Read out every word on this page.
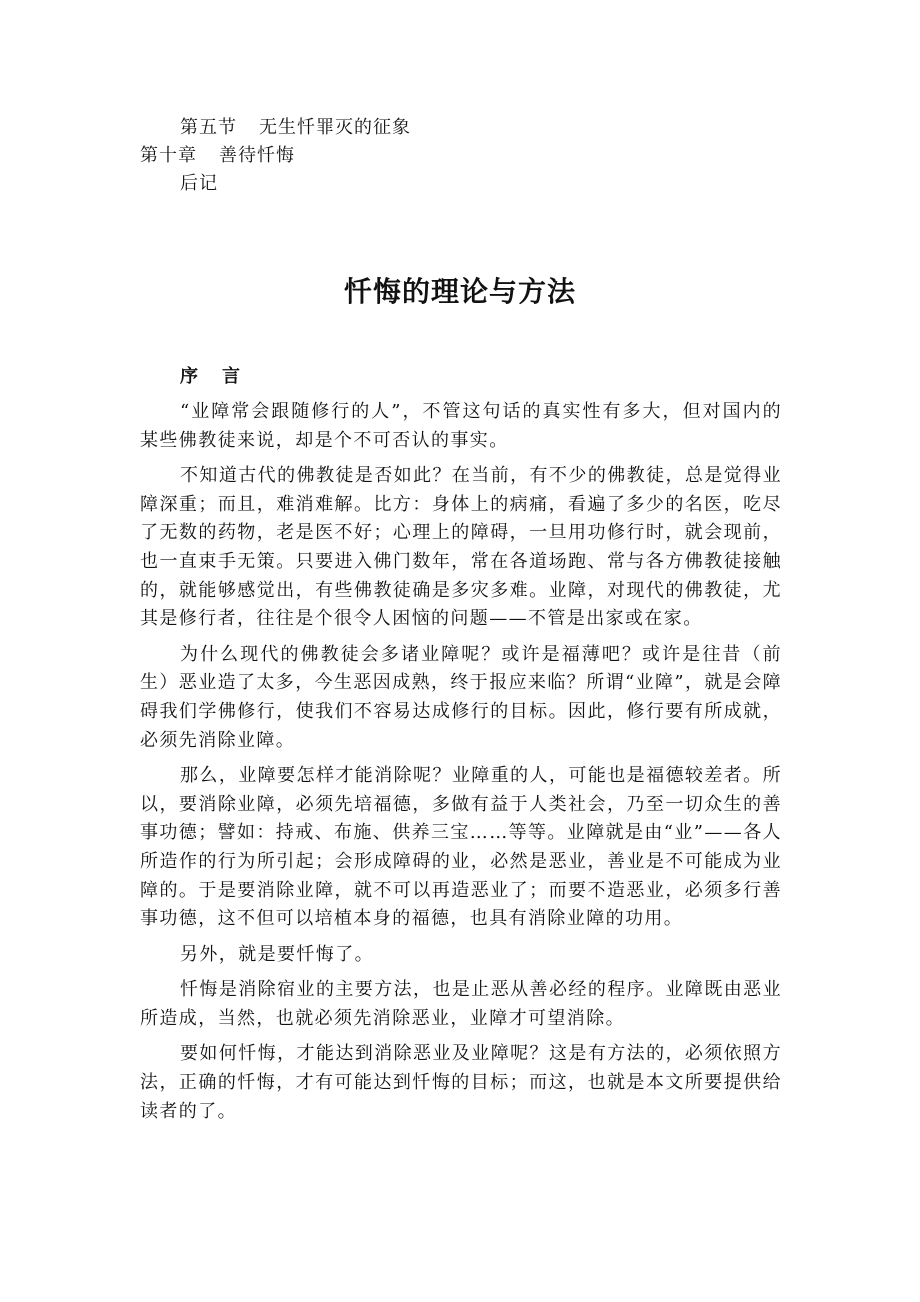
第五节 无生忏罪灭的征象
第十章 善待忏悔
后记
忏悔的理论与方法
序 言

“业障常会跟随修行的人”，不管这句话的真实性有多大，但对国内的某些佛教徒来说，却是个不可否认的事实。

不知道古代的佛教徒是否如此？在当前，有不少的佛教徒，总是觉得业障深重；而且，难消难解。比方：身体上的病痛，看遍了多少的名医，吃尽了无数的药物，老是医不好；心理上的障碍，一旦用功修行时，就会现前，也一直束手无策。只要进入佛门数年，常在各道场跑、常与各方佛教徒接触的，就能够感觉出，有些佛教徒确是多灾多难。业障，对现代的佛教徒，尤其是修行者，往往是个很令人困恼的问题——不管是出家或在家。

为什么现代的佛教徒会多诸业障呢？或许是福薄吧？或许是往昔（前生）恶业造了太多，今生恶因成熟，终于报应来临？所谓“业障”，就是会障碍我们学佛修行，使我们不容易达成修行的目标。因此，修行要有所成就，必须先消除业障。

那么，业障要怎样才能消除呢？业障重的人，可能也是福德较差者。所以，要消除业障，必须先培福德，多做有益于人类社会，乃至一切众生的善事功德；譬如：持戒、布施、供养三宝……等等。业障就是由“业”——各人所造作的行为所引起；会形成障碍的业，必然是恶业，善业是不可能成为业障的。于是要消除业障，就不可以再造恶业了；而要不造恶业，必须多行善事功德，这不但可以培植本身的福德，也具有消除业障的功用。

另外，就是要忏悔了。

忏悔是消除宿业的主要方法，也是止恶从善必经的程序。业障既由恶业所造成，当然，也就必须先消除恶业，业障才可望消除。

要如何忏悔，才能达到消除恶业及业障呢？这是有方法的，必须依照方法，正确的忏悔，才有可能达到忏悔的目标；而这，也就是本文所要提供给读者的了。
